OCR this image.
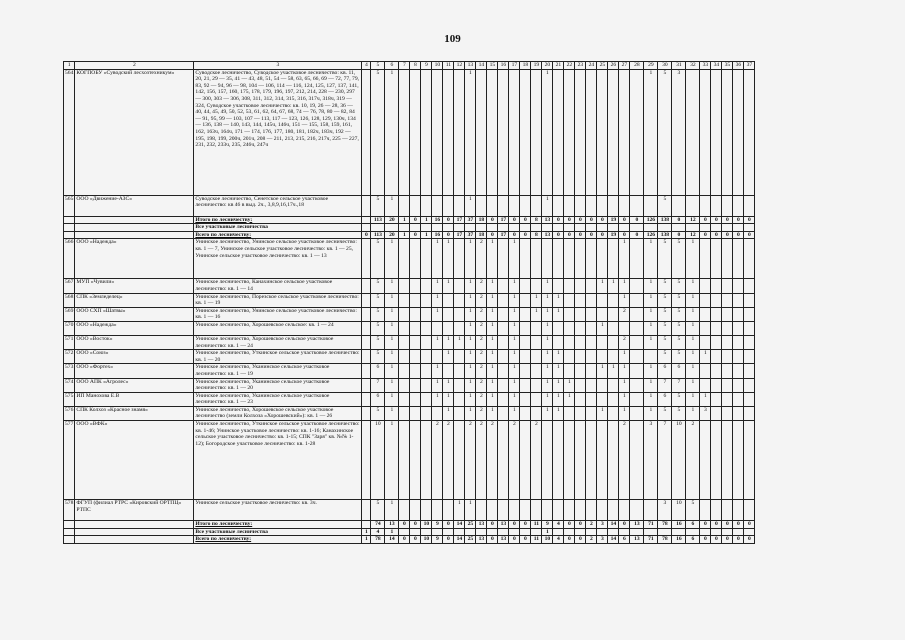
109
1	2	3	4	5	6	7	8	9	10	11	12	13	14	15	16	17	18	19	20	21	22	23	24	25	26	27	28	29	30	31	32	33	34	35	36	37
564	КОГПОБУ «Суводский лесхозтехникум»	Суводское лесничество, Суводское участковое лесничество: кв. 11, 20, 21, 29 — 35, 41 — 43, 48, 51, 54 — 58, 63, 65, 66, 69 — 72, 77, 79, 83, 92 — 94, 96 — 98, 104 — 106, 114 — 116, 124, 125, 127, 137, 141, 142, 156, 157, 160, 175, 178, 179, 196, 197, 212, 214, 228 — 230, 297 — 300, 303 — 306, 308, 311, 312, 314, 315, 316, 317ч, 318ч, 319 — 324, Суводское участковое лесничество: кв. 10, 19, 26 — 28, 36 — 40, 44, 45, 49, 50, 52, 53, 61, 62, 64, 67, 68, 74 — 76, 78, 80 — 82, 84 — 91, 95, 99 — 103, 107 — 113, 117 — 123, 126, 128, 129, 130ч, 134 — 136, 138 — 140, 143, 144, 145ч, 146ч, 151 — 155, 158, 159, 161, 162, 163ч, 164ч, 171 — 174, 176, 177, 180, 181, 182ч, 183ч, 192 — 195, 198, 199, 200ч, 201ч, 208 — 211, 213, 215, 216, 217ч, 225 — 227, 231, 232, 233ч, 235, 246ч, 247ч		5	1							1							1									1	5	3						
565	ООО «Движение-АЗС»	Суводское лесничество, Сенетское сельское участковое лесничество: кв 46 в выд. 2ч., 3,8,9,16,17ч.,18		5	1							1							1										5							
		Итого по лесничеству:		113	20	1	0	1	16	0	17	37	18	0	17	0	0	8	13	0	0	0	0	0	19	0	0	126	138	0	12	0	0	0	0	0
		Все участковые лесничества																																		
		Всего по лесничеству:	0	113	20	1	0	1	16	0	17	37	18	0	17	0	0	8	13	0	0	0	0	0	19	0	0	126	138	0	12	0	0	0	0	0
566	ООО «Надежда»	Унинское лесничество, Унинское сельское участковое лесничество: кв. 1 — 7, Унинское сельское участковое лесничество: кв. 1 — 25, Унинское сельское участковое лесничество: кв. 1 — 13		5	1				1	1		1	2	1		1										1		1	5	5	1					
567	МУП «Чувили»	Унинское лесничество, Канахинское сельское участковое лесничество: кв. 1 — 14		5	1				1	1		1	2	1		1			1					1	1	1		1	5	5	1					
568	СПК «Земледелец»	Унинское лесничество, Порезское сельское участковое лесничество: кв. 1 — 19		5	1				1			1	2	1		1		1	1	1						1		1	5	5	1					
569	ООО СХП «Шатвы»	Унинское лесничество, Унинское сельское участковое лесничество: кв. 1 — 16		5	1				1			1	2	1		1		1	1	1						2		1	5	5	1					
570	ООО «Надежда»	Унинское лесничество, Хорошевское сельское: кв. 1 — 24		5	1							1	2	1		1			1					1				1	5	5	1					
571	ООО «Восток»	Унинское лесничество, Хорошевское сельское участковое лесничество: кв. 1 — 24		5	1				1	1	1	1	2	1		1			1							2		1	5	5	1					
572	ООО «Союз»	Унинское лесничество, Уткинское сельское участковое лесничество: кв. 1 — 20		5	1					1		1	2	1		1			1	1						1			5	5	1	1				
573	ООО «Фортех»	Унинское лесничество, Уканинское сельское участковое лесничество: кв. 1 — 19		6	1				1			1	2	1		1			1	1				1	1	1		1	6	6	1					
574	ООО АПК «Агролес»	Унинское лесничество, Уканинское сельское участковое лесничество: кв. 1 — 20		7	1				1	1		1	2	1		1			1	1	1					1		1	7	7	1					
575	ИП Манохова Е.В	Унинское лесничество, Уканинское сельское участковое лесничество: кв. 1 — 23		6	1				1	1		1	2	1		1			1	1	1					1		1	6	5	1	1				
576	СПК Колхоз «Красное знамя»	Унинское лесничество, Хорошевское сельское участковое лесничество (земли Колхоза «Хорошевский»): кв. 1 — 26		5	1					1		1	2	1		1			1	1				1		1		1	5	5	1	3				
577	ООО «ВФК»	Унинское лесничество, Уткинское сельское участковое лесничество: кв. 1-46; Унинское участковое лесничество: кв. 1-16; Канахинское сельское участковое лесничество: кв. 1-15; СПК "Заря" кв. №№ 1-12); Богородское участковое лесничество: кв. 1-28		10	1				2	2		2	2	2		2		2								2		3	7	10	2					
578	ФГУП (филиал РТРС «Кировский ОРТПЦ» РТПС	Унинское сельское участковое лесничество: кв. 3ч.		5	1						1	1																	3	10	5					
		Итого по лесничеству:		74	13	0	0	10	9	0	14	25	13	0	13	0	0	11	9	4	0	0	2	3	14	0	13	71	78	16	6	0	0	0	0	0
		Все участковые лесничества	1	4	1														1																	
		Всего по лесничеству:	1	78	14	0	0	10	9	0	14	25	13	0	13	0	0	11	10	4	0	0	2	3	14	6	13	71	78	16	6	0	0	0	0	0
